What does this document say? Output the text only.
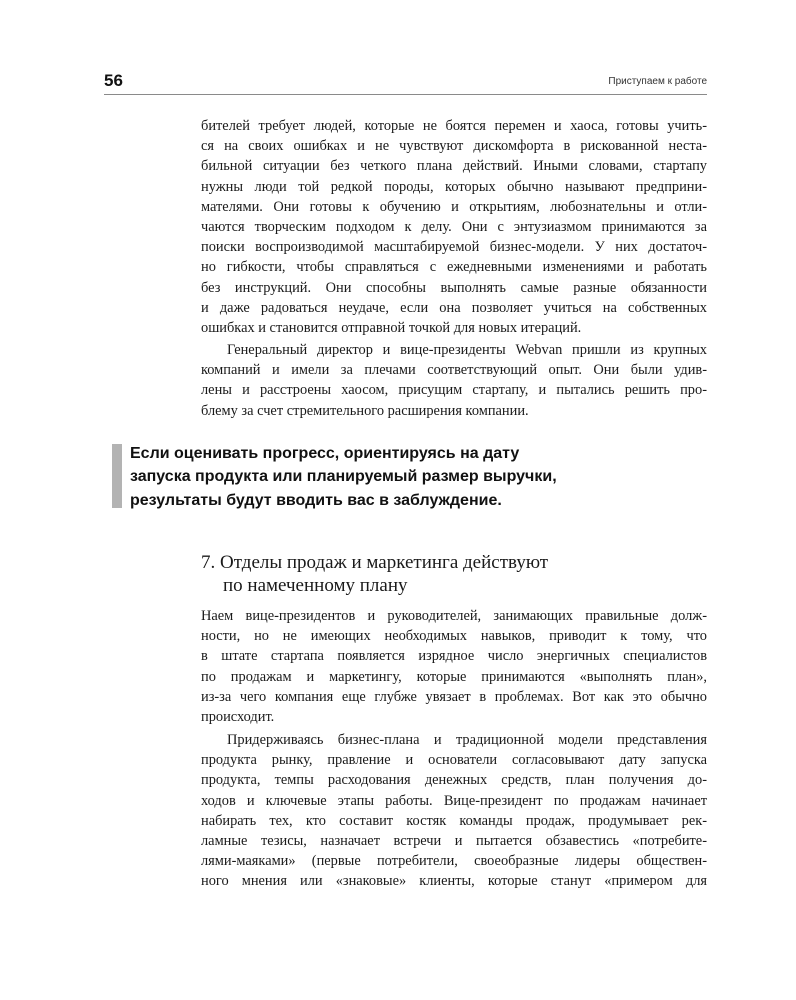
56	Приступаем к работе
бителей требует людей, которые не боятся перемен и хаоса, готовы учить-
ся на своих ошибках и не чувствуют дискомфорта в рискованной неста-
бильной ситуации без четкого плана действий. Иными словами, стартапу
нужны люди той редкой породы, которых обычно называют предприни-
мателями. Они готовы к обучению и открытиям, любознательны и отли-
чаются творческим подходом к делу. Они с энтузиазмом принимаются за
поиски воспроизводимой масштабируемой бизнес-модели. У них достаточ-
но гибкости, чтобы справляться с ежедневными изменениями и работать
без инструкций. Они способны выполнять самые разные обязанности
и даже радоваться неудаче, если она позволяет учиться на собственных
ошибках и становится отправной точкой для новых итераций.
Генеральный директор и вице-президенты Webvan пришли из крупных
компаний и имели за плечами соответствующий опыт. Они были удив-
лены и расстроены хаосом, присущим стартапу, и пытались решить про-
блему за счет стремительного расширения компании.
Если оценивать прогресс, ориентируясь на дату
запуска продукта или планируемый размер выручки,
результаты будут вводить вас в заблуждение.
7. Отделы продаж и маркетинга действуют
по намеченному плану
Наем вице-президентов и руководителей, занимающих правильные долж-
ности, но не имеющих необходимых навыков, приводит к тому, что
в штате стартапа появляется изрядное число энергичных специалистов
по продажам и маркетингу, которые принимаются «выполнять план»,
из-за чего компания еще глубже увязает в проблемах. Вот как это обычно
происходит.
Придерживаясь бизнес-плана и традиционной модели представления
продукта рынку, правление и основатели согласовывают дату запуска
продукта, темпы расходования денежных средств, план получения до-
ходов и ключевые этапы работы. Вице-президент по продажам начинает
набирать тех, кто составит костяк команды продаж, продумывает рек-
ламные тезисы, назначает встречи и пытается обзавестись «потребите-
лями-маяками» (первые потребители, своеобразные лидеры обществен-
ного мнения или «знаковые» клиенты, которые станут «примером для
